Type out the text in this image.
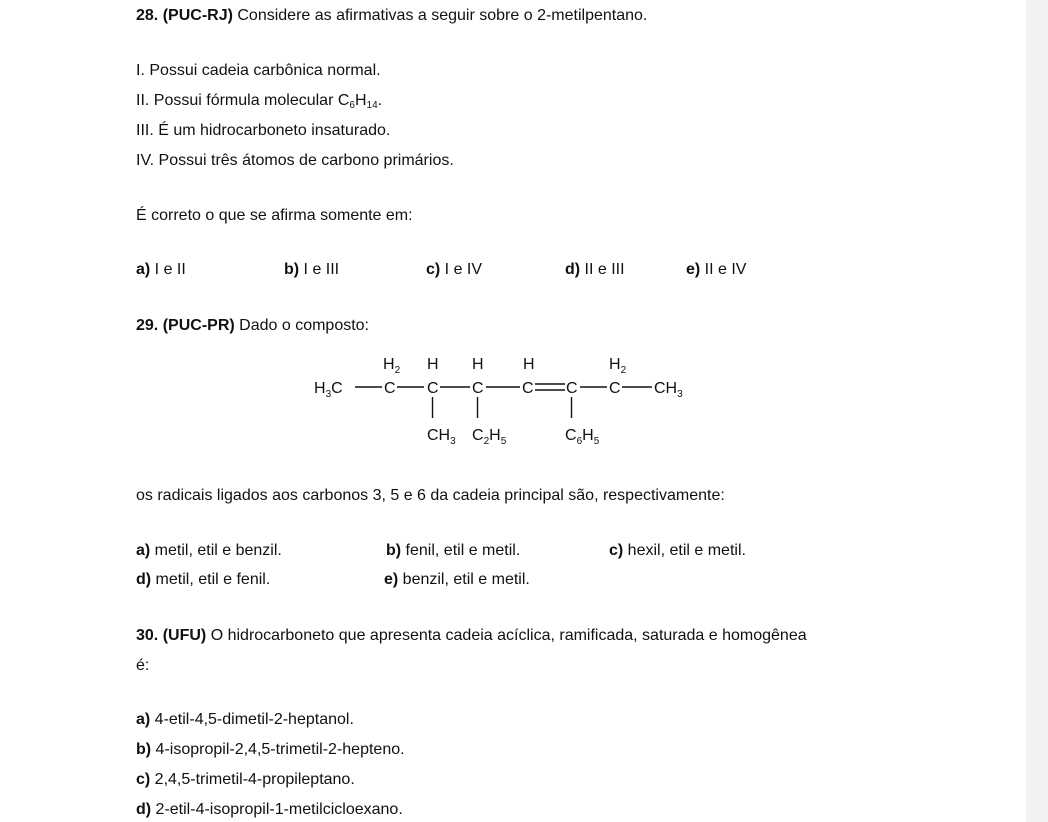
28. (PUC-RJ) Considere as afirmativas a seguir sobre o 2-metilpentano.
I. Possui cadeia carbônica normal.
II. Possui fórmula molecular $C_6H_{14}$.
III. É um hidrocarboneto insaturado.
IV. Possui três átomos de carbono primários.
É correto o que se afirma somente em:
a) I e II	b) I e III	c) I e IV	d) II e III	e) II e IV
29. (PUC-PR) Dado o composto:
$H_3C$	C
$H_2$
C
H
$CH_3$
C
H
$C_2H_5$
C
H
C
$C_6H_5$
C
$H_2$
$CH_3$
os radicais ligados aos carbonos 3, 5 e 6 da cadeia principal são, respectivamente:
a) metil, etil e benzil.	b) fenil, etil e metil.	c) hexil, etil e metil.
d) metil, etil e fenil.	e) benzil, etil e metil.
30. (UFU) O hidrocarboneto que apresenta cadeia acíclica, ramificada, saturada e homogênea
é:
a) 4-etil-4,5-dimetil-2-heptanol.
b) 4-isopropil-2,4,5-trimetil-2-hepteno.
c) 2,4,5-trimetil-4-propileptano.
d) 2-etil-4-isopropil-1-metilcicloexano.
